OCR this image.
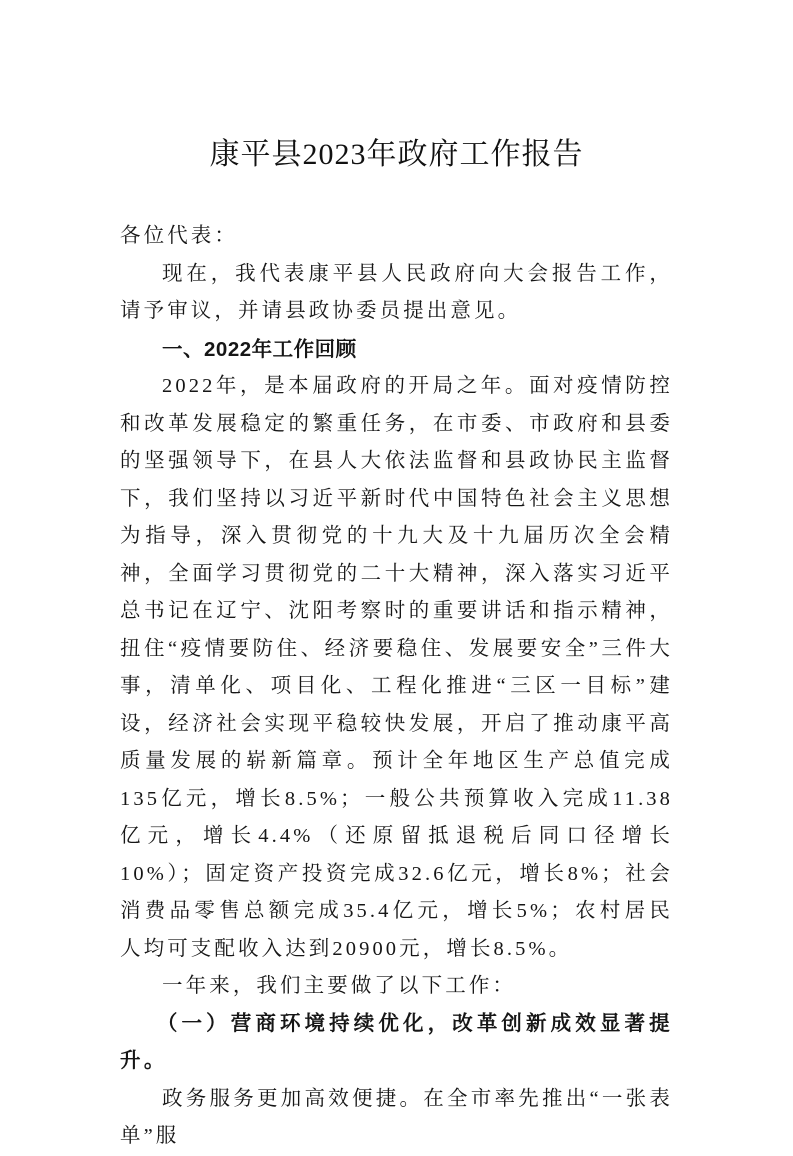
康平县2023年政府工作报告

各位代表：

现在，我代表康平县人民政府向大会报告工作，请予审议，并请县政协委员提出意见。

一、2022年工作回顾

2022年，是本届政府的开局之年。面对疫情防控和改革发展稳定的繁重任务，在市委、市政府和县委的坚强领导下，在县人大依法监督和县政协民主监督下，我们坚持以习近平新时代中国特色社会主义思想为指导，深入贯彻党的十九大及十九届历次全会精神，全面学习贯彻党的二十大精神，深入落实习近平总书记在辽宁、沈阳考察时的重要讲话和指示精神，扭住“疫情要防住、经济要稳住、发展要安全”三件大事，清单化、项目化、工程化推进“三区一目标”建设，经济社会实现平稳较快发展，开启了推动康平高质量发展的崭新篇章。预计全年地区生产总值完成135亿元，增长8.5%；一般公共预算收入完成11.38亿元，增长4.4%（还原留抵退税后同口径增长10%）；固定资产投资完成32.6亿元，增长8%；社会消费品零售总额完成35.4亿元，增长5%；农村居民人均可支配收入达到20900元，增长8.5%。

一年来，我们主要做了以下工作：

（一）营商环境持续优化，改革创新成效显著提升。

政务服务更加高效便捷。在全市率先推出“一张表单”服
